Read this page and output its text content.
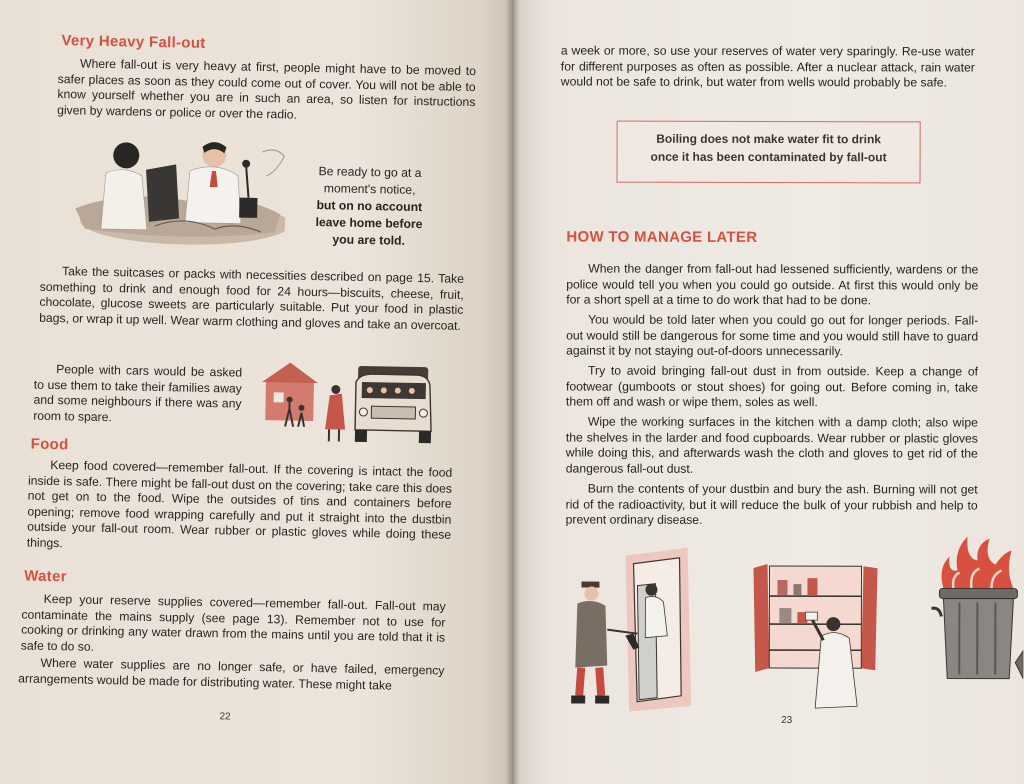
Very Heavy Fall-out

Where fall-out is very heavy at first, people might have to be moved to safer places as soon as they could come out of cover. You will not be able to know yourself whether you are in such an area, so listen for instructions given by wardens or police or over the radio.

Be ready to go at a
moment's notice,
but on no account
leave home before
you are told.

Take the suitcases or packs with necessities described on page 15. Take something to drink and enough food for 24 hours—biscuits, cheese, fruit, chocolate, glucose sweets are particularly suitable. Put your food in plastic bags, or wrap it up well. Wear warm clothing and gloves and take an overcoat.

People with cars would be asked to use them to take their families away and some neighbours if there was any room to spare.

Food

Keep food covered—remember fall-out. If the covering is intact the food inside is safe. There might be fall-out dust on the covering; take care this does not get on to the food. Wipe the outsides of tins and containers before opening; remove food wrapping carefully and put it straight into the dustbin outside your fall-out room. Wear rubber or plastic gloves while doing these things.

Water

Keep your reserve supplies covered—remember fall-out. Fall-out may contaminate the mains supply (see page 13). Remember not to use for cooking or drinking any water drawn from the mains until you are told that it is safe to do so.

Where water supplies are no longer safe, or have failed, emergency arrangements would be made for distributing water. These might take

22

a week or more, so use your reserves of water very sparingly. Re-use water for different purposes as often as possible. After a nuclear attack, rain water would not be safe to drink, but water from wells would probably be safe.

Boiling does not make water fit to drink
once it has been contaminated by fall-out
HOW TO MANAGE LATER

When the danger from fall-out had lessened sufficiently, wardens or the police would tell you when you could go outside. At first this would only be for a short spell at a time to do work that had to be done.

You would be told later when you could go out for longer periods. Fall-out would still be dangerous for some time and you would still have to guard against it by not staying out-of-doors unnecessarily.

Try to avoid bringing fall-out dust in from outside. Keep a change of footwear (gumboots or stout shoes) for going out. Before coming in, take them off and wash or wipe them, soles as well.

Wipe the working surfaces in the kitchen with a damp cloth; also wipe the shelves in the larder and food cupboards. Wear rubber or plastic gloves while doing this, and afterwards wash the cloth and gloves to get rid of the dangerous fall-out dust.

Burn the contents of your dustbin and bury the ash. Burning will not get rid of the radioactivity, but it will reduce the bulk of your rubbish and help to prevent ordinary disease.

23
